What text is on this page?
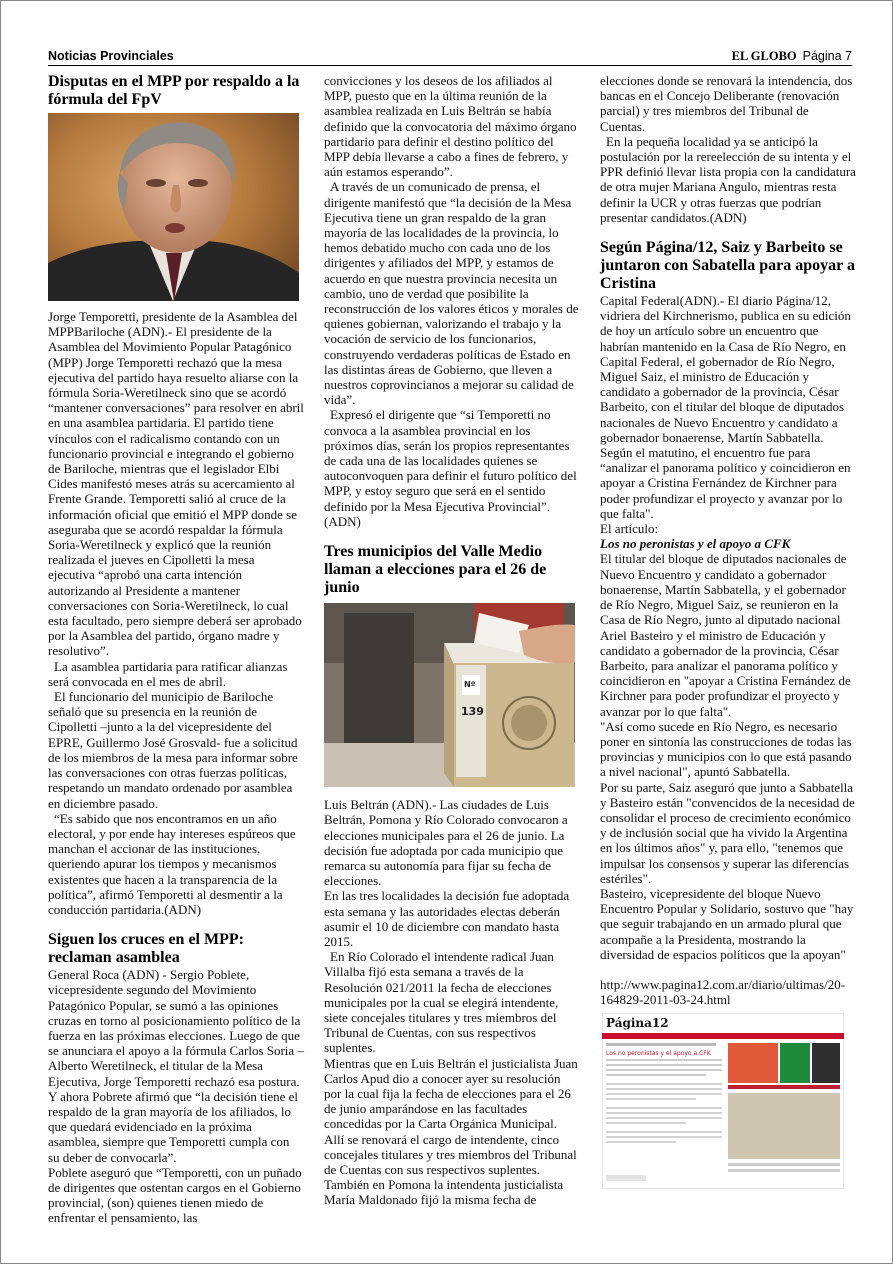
Noticias Provinciales	EL GLOBO Página 7
Disputas en el MPP por respaldo a la fórmula del FpV

Jorge Temporetti, presidente de la Asamblea del MPPBariloche (ADN).- El presidente de la Asamblea del Movimiento Popular Patagónico (MPP) Jorge Temporetti rechazó que la mesa ejecutiva del partido haya resuelto aliarse con la fórmula Soria-Weretilneck sino que se acordó “mantener conversaciones” para resolver en abril en una asamblea partidaria. El partido tiene vínculos con el radicalismo contando con un funcionario provincial e integrando el gobierno de Bariloche, mientras que el legislador Elbi Cides manifestó meses atrás su acercamiento al Frente Grande. Temporetti salió al cruce de la información oficial que emitió el MPP donde se aseguraba que se acordó respaldar la fórmula Soria-Weretilneck y explicó que la reunión realizada el jueves en Cipolletti la mesa ejecutiva “aprobó una carta intención autorizando al Presidente a mantener conversaciones con Soria-Weretilneck, lo cual esta facultado, pero siempre deberá ser aprobado por la Asamblea del partido, órgano madre y resolutivo”.

La asamblea partidaria para ratificar alianzas será convocada en el mes de abril.

El funcionario del municipio de Bariloche señaló que su presencia en la reunión de Cipolletti –junto a la del vicepresidente del EPRE, Guillermo José Grosvald- fue a solicitud de los miembros de la mesa para informar sobre las conversaciones con otras fuerzas políticas, respetando un mandato ordenado por asamblea en diciembre pasado.

“Es sabido que nos encontramos en un año electoral, y por ende hay intereses espúreos que manchan el accionar de las instituciones, queriendo apurar los tiempos y mecanismos existentes que hacen a la transparencia de la política”, afirmó Temporetti al desmentir a la conducción partidaria.(ADN)

Siguen los cruces en el MPP: reclaman asamblea

General Roca (ADN) - Sergio Poblete, vicepresidente segundo del Movimiento Patagónico Popular, se sumó a las opiniones cruzas en torno al posicionamiento político de la fuerza en las próximas elecciones. Luego de que se anunciara el apoyo a la fórmula Carlos Soria – Alberto Weretilneck, el titular de la Mesa Ejecutiva, Jorge Temporetti rechazó esa postura. Y ahora Pobrete afirmó que “la decisión tiene el respaldo de la gran mayoría de los afiliados, lo que quedará evidenciado en la próxima asamblea, siempre que Temporetti cumpla con su deber de convocarla”.

Poblete aseguró que “Temporetti, con un puñado de dirigentes que ostentan cargos en el Gobierno provincial, (son) quienes tienen miedo de enfrentar el pensamiento, las

convicciones y los deseos de los afiliados al MPP, puesto que en la última reunión de la asamblea realizada en Luis Beltrán se había definido que la convocatoria del máximo órgano partidario para definir el destino político del MPP debía llevarse a cabo a fines de febrero, y aún estamos esperando”.

A través de un comunicado de prensa, el dirigente manifestó que “la decisión de la Mesa Ejecutiva tiene un gran respaldo de la gran mayoría de las localidades de la provincia, lo hemos debatido mucho con cada uno de los dirigentes y afiliados del MPP, y estamos de acuerdo en que nuestra provincia necesita un cambio, uno de verdad que posibilite la reconstrucción de los valores éticos y morales de quienes gobiernan, valorizando el trabajo y la vocación de servicio de los funcionarios, construyendo verdaderas políticas de Estado en las distintas áreas de Gobierno, que lleven a nuestros coprovincianos a mejorar su calidad de vida”.

Expresó el dirigente que “si Temporetti no convoca a la asamblea provincial en los próximos días, serán los propios representantes de cada una de las localidades quienes se autoconvoquen para definir el futuro político del MPP, y estoy seguro que será en el sentido definido por la Mesa Ejecutiva Provincial”.(ADN)

Tres municipios del Valle Medio llaman a elecciones para el 26 de junio
Nº
139

Luis Beltrán (ADN).- Las ciudades de Luis Beltrán, Pomona y Río Colorado convocaron a elecciones municipales para el 26 de junio. La decisión fue adoptada por cada municipio que remarca su autonomía para fijar su fecha de elecciones.

En las tres localidades la decisión fue adoptada esta semana y las autoridades electas deberán asumir el 10 de diciembre con mandato hasta 2015.

En Río Colorado el intendente radical Juan Villalba fijó esta semana a través de la Resolución 021/2011 la fecha de elecciones municipales por la cual se elegirá intendente, siete concejales titulares y tres miembros del Tribunal de Cuentas, con sus respectivos suplentes.

Mientras que en Luis Beltrán el justicialista Juan Carlos Apud dio a conocer ayer su resolución por la cual fija la fecha de elecciones para el 26 de junio amparándose en las facultades concedidas por la Carta Orgánica Municipal.

Allí se renovará el cargo de intendente, cinco concejales titulares y tres miembros del Tribunal de Cuentas con sus respectivos suplentes.

También en Pomona la intendenta justicialista María Maldonado fijó la misma fecha de

elecciones donde se renovará la intendencia, dos bancas en el Concejo Deliberante (renovación parcial) y tres miembros del Tribunal de Cuentas.

En la pequeña localidad ya se anticipó la postulación por la rereelección de su intenta y el PPR definió llevar lista propia con la candidatura de otra mujer Mariana Angulo, mientras resta definir la UCR y otras fuerzas que podrían presentar candidatos.(ADN)

Según Página/12, Saiz y Barbeito se juntaron con Sabatella para apoyar a Cristina

Capital Federal(ADN).- El diario Página/12, vidriera del Kirchnerismo, publica en su edición de hoy un artículo sobre un encuentro que habrían mantenido en la Casa de Río Negro, en Capital Federal, el gobernador de Río Negro, Miguel Saiz, el ministro de Educación y candidato a gobernador de la provincia, César Barbeito, con el titular del bloque de diputados nacionales de Nuevo Encuentro y candidato a gobernador bonaerense, Martín Sabbatella. Según el matutino, el encuentro fue para “analizar el panorama político y coincidieron en apoyar a Cristina Fernández de Kirchner para poder profundizar el proyecto y avanzar por lo que falta".

El artículo:

Los no peronistas y el apoyo a CFK

El titular del bloque de diputados nacionales de Nuevo Encuentro y candidato a gobernador bonaerense, Martín Sabbatella, y el gobernador de Río Negro, Miguel Saiz, se reunieron en la Casa de Río Negro, junto al diputado nacional Ariel Basteiro y el ministro de Educación y candidato a gobernador de la provincia, César Barbeito, para analizar el panorama político y coincidieron en "apoyar a Cristina Fernández de Kirchner para poder profundizar el proyecto y avanzar por lo que falta".

"Así como sucede en Río Negro, es necesario poner en sintonía las construcciones de todas las provincias y municipios con lo que está pasando a nivel nacional", apuntó Sabbatella.

Por su parte, Saiz aseguró que junto a Sabbatella y Basteiro están "convencidos de la necesidad de consolidar el proceso de crecimiento económico y de inclusión social que ha vivido la Argentina en los últimos años" y, para ello, "tenemos que impulsar los consensos y superar las diferencias estériles".

Basteiro, vicepresidente del bloque Nuevo Encuentro Popular y Solidario, sostuvo que "hay que seguir trabajando en un armado plural que acompañe a la Presidenta, mostrando la diversidad de espacios políticos que la apoyan"

http://www.pagina12.com.ar/diario/ultimas/20-164829-2011-03-24.html

Página12
Los no peronistas y el apoyo a CFK
